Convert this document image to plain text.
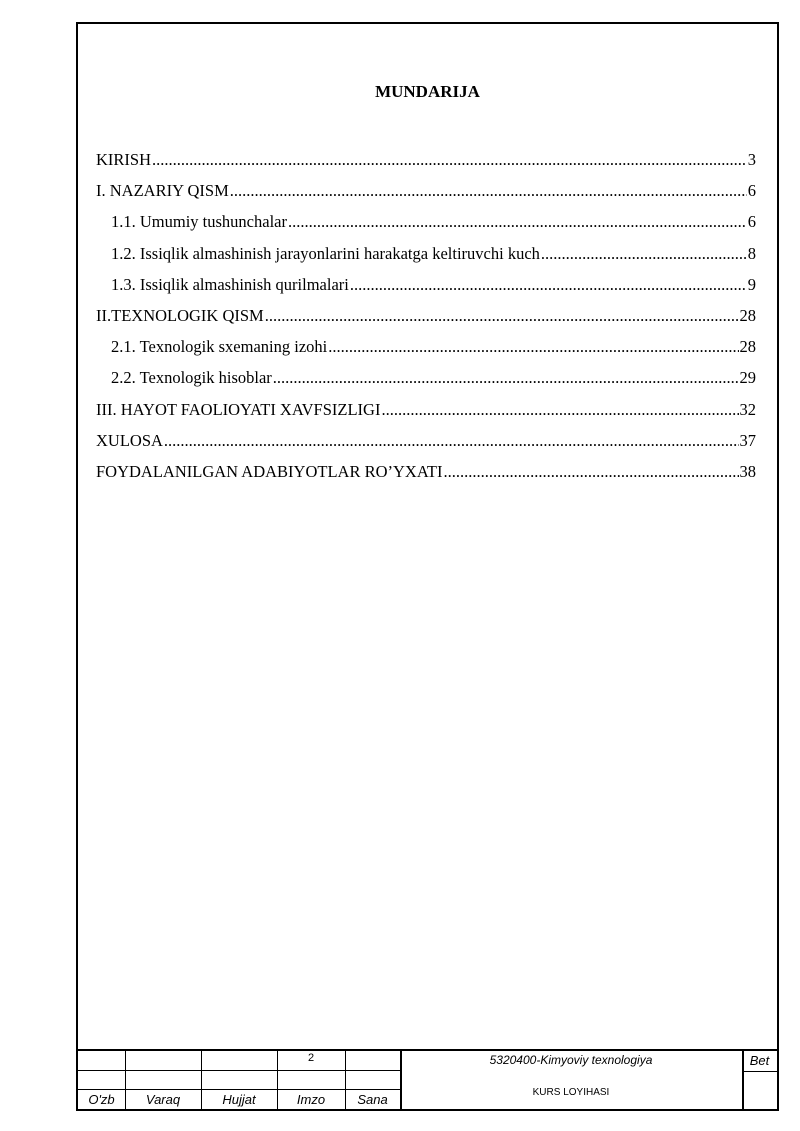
MUNDARIJA
KIRISH .....	3
I. NAZARIY QISM .....	6
1.1. Umumiy tushunchalar .....	6
1.2. Issiqlik almashinish jarayonlarini harakatga keltiruvchi kuch .....	8
1.3. Issiqlik almashinish qurilmalari .....	9
II.TEXNOLOGIK QISM .....	28
2.1. Texnologik sxemaning izohi .....	28
2.2. Texnologik hisoblar .....	29
III. HAYOT FAOLIOYATI XAVFSIZLIGI .....	32
XULOSA .....	37
FOYDALANILGAN ADABIYOTLAR RO’YXATI .....	38
2	5320400-Kimyoviy texnologiya
KURS LOYIHASI
Bet
O'zb	Varaq	Hujjat	Imzo	Sana
